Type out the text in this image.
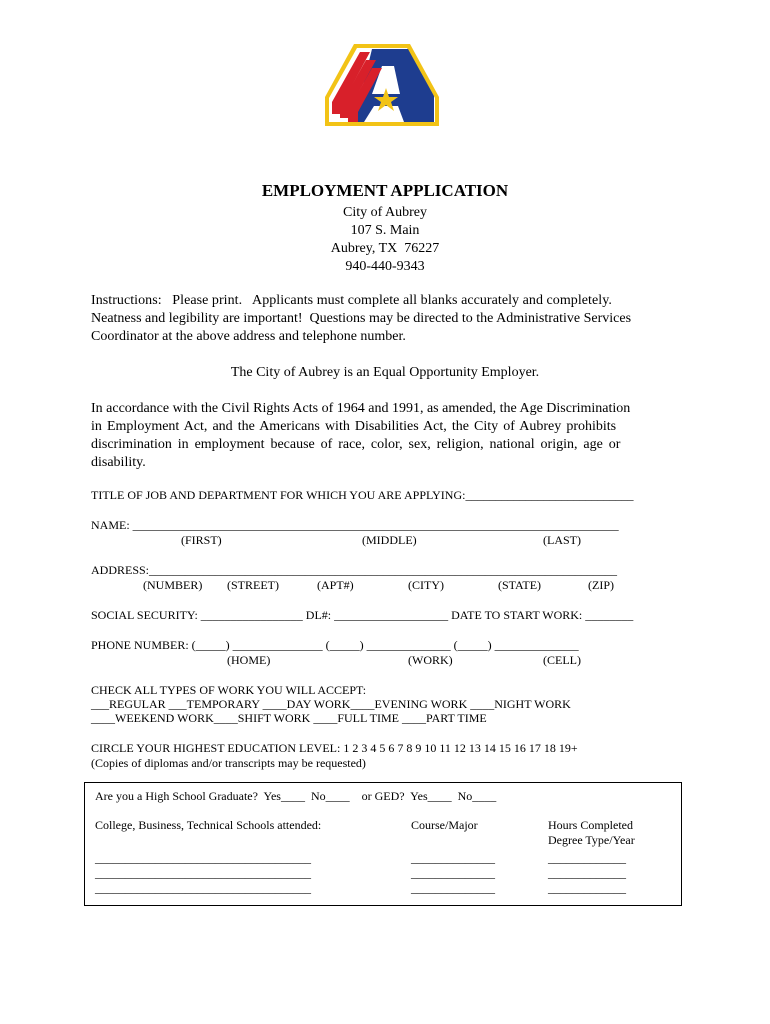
EMPLOYMENT APPLICATION
City of Aubrey
107 S. Main
Aubrey, TX  76227
940-440-9343
Instructions:   Please print.   Applicants must complete all blanks accurately and completely.
Neatness and legibility are important!  Questions may be directed to the Administrative Services
Coordinator at the above address and telephone number.
The City of Aubrey is an Equal Opportunity Employer.
In accordance with the Civil Rights Acts of 1964 and 1991, as amended, the Age Discrimination
in Employment Act, and the Americans with Disabilities Act, the City of Aubrey prohibits
discrimination in employment because of race, color, sex, religion, national origin, age or
disability.
TITLE OF JOB AND DEPARTMENT FOR WHICH YOU ARE APPLYING:____________________________
NAME: _________________________________________________________________________________
(FIRST)	(MIDDLE)	(LAST)
ADDRESS:______________________________________________________________________________
(NUMBER) (STREET)	(APT#)	(CITY)	(STATE)	(ZIP)
SOCIAL SECURITY: _________________ DL#: ___________________ DATE TO START WORK: ________
PHONE NUMBER: (_____) _______________ (_____) ______________ (_____) ______________
(HOME)	(WORK)	(CELL)
CHECK ALL TYPES OF WORK YOU WILL ACCEPT:
___REGULAR ___TEMPORARY ____DAY WORK____EVENING WORK ____NIGHT WORK
____WEEKEND WORK____SHIFT WORK ____FULL TIME ____PART TIME
CIRCLE YOUR HIGHEST EDUCATION LEVEL: 1 2 3 4 5 6 7 8 9 10 11 12 13 14 15 16 17 18 19+
(Copies of diplomas and/or transcripts may be requested)
Are you a High School Graduate?  Yes____  No____    or GED?  Yes____  No____
College, Business, Technical Schools attended:	Course/Major	Hours Completed
Degree Type/Year
____________________________________	______________	_____________
____________________________________	______________	_____________
____________________________________	______________	_____________
